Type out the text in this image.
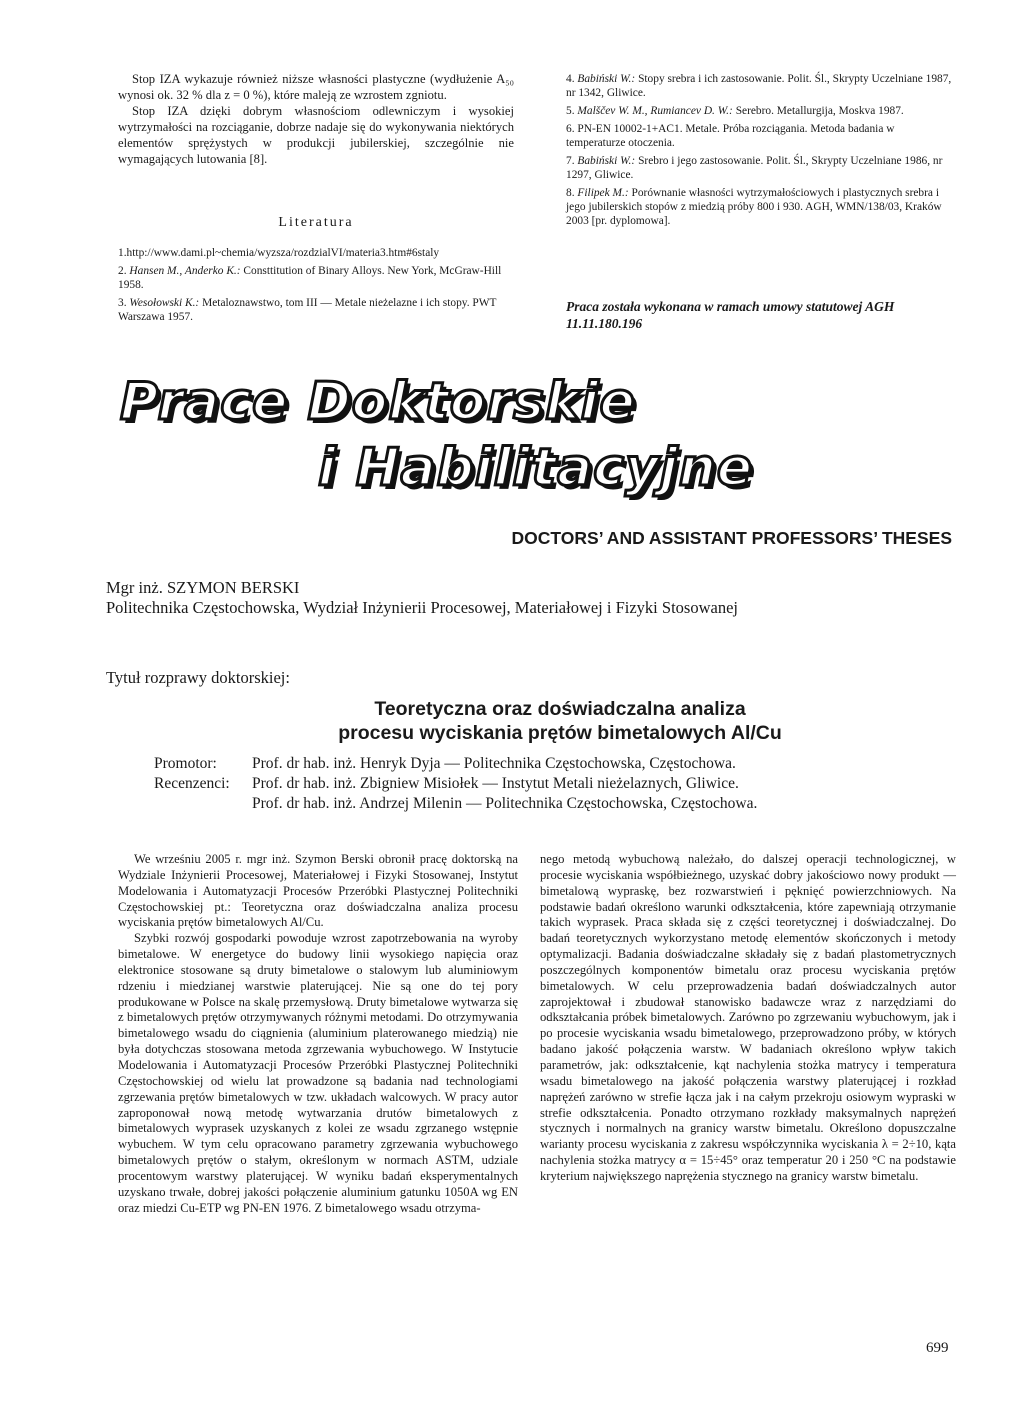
Stop IZA wykazuje również niższe własności plastyczne (wydłużenie A₅₀ wynosi ok. 32 % dla z = 0 %), które maleją ze wzrostem zgniotu.

Stop IZA dzięki dobrym własnościom odlewniczym i wysokiej wytrzymałości na rozciąganie, dobrze nadaje się do wykonywania niektórych elementów sprężystych w produkcji jubilerskiej, szczególnie nie wymagających lutowania [8].

Literatura
1.http://www.dami.pl~chemia/wyzsza/rozdzialVI/materia3.htm#6staly
2. Hansen M., Anderko K.: Consttitution of Binary Alloys. New York, McGraw-Hill 1958.
3. Wesołowski K.: Metaloznawstwo, tom III — Metale nieżelazne i ich stopy. PWT Warszawa 1957.
4. Babiński W.: Stopy srebra i ich zastosowanie. Polit. Śl., Skrypty Uczelniane 1987, nr 1342, Gliwice.
5. Malščev W. M., Rumiancev D. W.: Serebro. Metallurgija, Moskva 1987.
6. PN-EN 10002-1+AC1. Metale. Próba rozciągania. Metoda badania w temperaturze otoczenia.
7. Babiński W.: Srebro i jego zastosowanie. Polit. Śl., Skrypty Uczelniane 1986, nr 1297, Gliwice.
8. Filipek M.: Porównanie własności wytrzymałościowych i plastycznych srebra i jego jubilerskich stopów z miedzią próby 800 i 930. AGH, WMN/138/03, Kraków 2003 [pr. dyplomowa].
Praca została wykonana w ramach umowy statutowej AGH 11.11.180.196
Prace Doktorskie
i Habilitacyjne
DOCTORS’ AND ASSISTANT PROFESSORS’ THESES
Mgr inż. SZYMON BERSKI
Politechnika Częstochowska, Wydział Inżynierii Procesowej, Materiałowej i Fizyki Stosowanej
Tytuł rozprawy doktorskiej:
Teoretyczna oraz doświadczalna analiza
procesu wyciskania prętów bimetalowych Al/Cu
Promotor:	Prof. dr hab. inż. Henryk Dyja — Politechnika Częstochowska, Częstochowa.
Recenzenci:	Prof. dr hab. inż. Zbigniew Misiołek — Instytut Metali nieżelaznych, Gliwice.
	Prof. dr hab. inż. Andrzej Milenin — Politechnika Częstochowska, Częstochowa.

We wrześniu 2005 r. mgr inż. Szymon Berski obronił pracę doktorską na Wydziale Inżynierii Procesowej, Materiałowej i Fizyki Stosowanej, Instytut Modelowania i Automatyzacji Procesów Przeróbki Plastycznej Politechniki Częstochowskiej pt.: Teoretyczna oraz doświadczalna analiza procesu wyciskania prętów bimetalowych Al/Cu.

Szybki rozwój gospodarki powoduje wzrost zapotrzebowania na wyroby bimetalowe. W energetyce do budowy linii wysokiego napięcia oraz elektronice stosowane są druty bimetalowe o stalowym lub aluminiowym rdzeniu i miedzianej warstwie platerującej. Nie są one do tej pory produkowane w Polsce na skalę przemysłową. Druty bimetalowe wytwarza się z bimetalowych prętów otrzymywanych różnymi metodami. Do otrzymywania bimetalowego wsadu do ciągnienia (aluminium platerowanego miedzią) nie była dotychczas stosowana metoda zgrzewania wybuchowego. W Instytucie Modelowania i Automatyzacji Procesów Przeróbki Plastycznej Politechniki Częstochowskiej od wielu lat prowadzone są badania nad technologiami zgrzewania prętów bimetalowych w tzw. układach walcowych. W pracy autor zaproponował nową metodę wytwarzania drutów bimetalowych z bimetalowych wyprasek uzyskanych z kolei ze wsadu zgrzanego wstępnie wybuchem. W tym celu opracowano parametry zgrzewania wybuchowego bimetalowych prętów o stałym, określonym w normach ASTM, udziale procentowym warstwy platerującej. W wyniku badań eksperymentalnych uzyskano trwałe, dobrej jakości połączenie aluminium gatunku 1050A wg EN oraz miedzi Cu-ETP wg PN-EN 1976. Z bimetalowego wsadu otrzyma-

nego metodą wybuchową należało, do dalszej operacji technologicznej, w procesie wyciskania współbieżnego, uzyskać dobry jakościowo nowy produkt — bimetalową wypraskę, bez rozwarstwień i pęknięć powierzchniowych. Na podstawie badań określono warunki odkształcenia, które zapewniają otrzymanie takich wyprasek. Praca składa się z części teoretycznej i doświadczalnej. Do badań teoretycznych wykorzystano metodę elementów skończonych i metody optymalizacji. Badania doświadczalne składały się z badań plastometrycznych poszczególnych komponentów bimetalu oraz procesu wyciskania prętów bimetalowych. W celu przeprowadzenia badań doświadczalnych autor zaprojektował i zbudował stanowisko badawcze wraz z narzędziami do odkształcania próbek bimetalowych. Zarówno po zgrzewaniu wybuchowym, jak i po procesie wyciskania wsadu bimetalowego, przeprowadzono próby, w których badano jakość połączenia warstw. W badaniach określono wpływ takich parametrów, jak: odkształcenie, kąt nachylenia stożka matrycy i temperatura wsadu bimetalowego na jakość połączenia warstwy platerującej i rozkład naprężeń zarówno w strefie łącza jak i na całym przekroju osiowym wypraski w strefie odkształcenia. Ponadto otrzymano rozkłady maksymalnych naprężeń stycznych i normalnych na granicy warstw bimetalu. Określono dopuszczalne warianty procesu wyciskania z zakresu współczynnika wyciskania λ = 2÷10, kąta nachylenia stożka matrycy α = 15÷45° oraz temperatur 20 i 250 °C na podstawie kryterium największego naprężenia stycznego na granicy warstw bimetalu.

699
